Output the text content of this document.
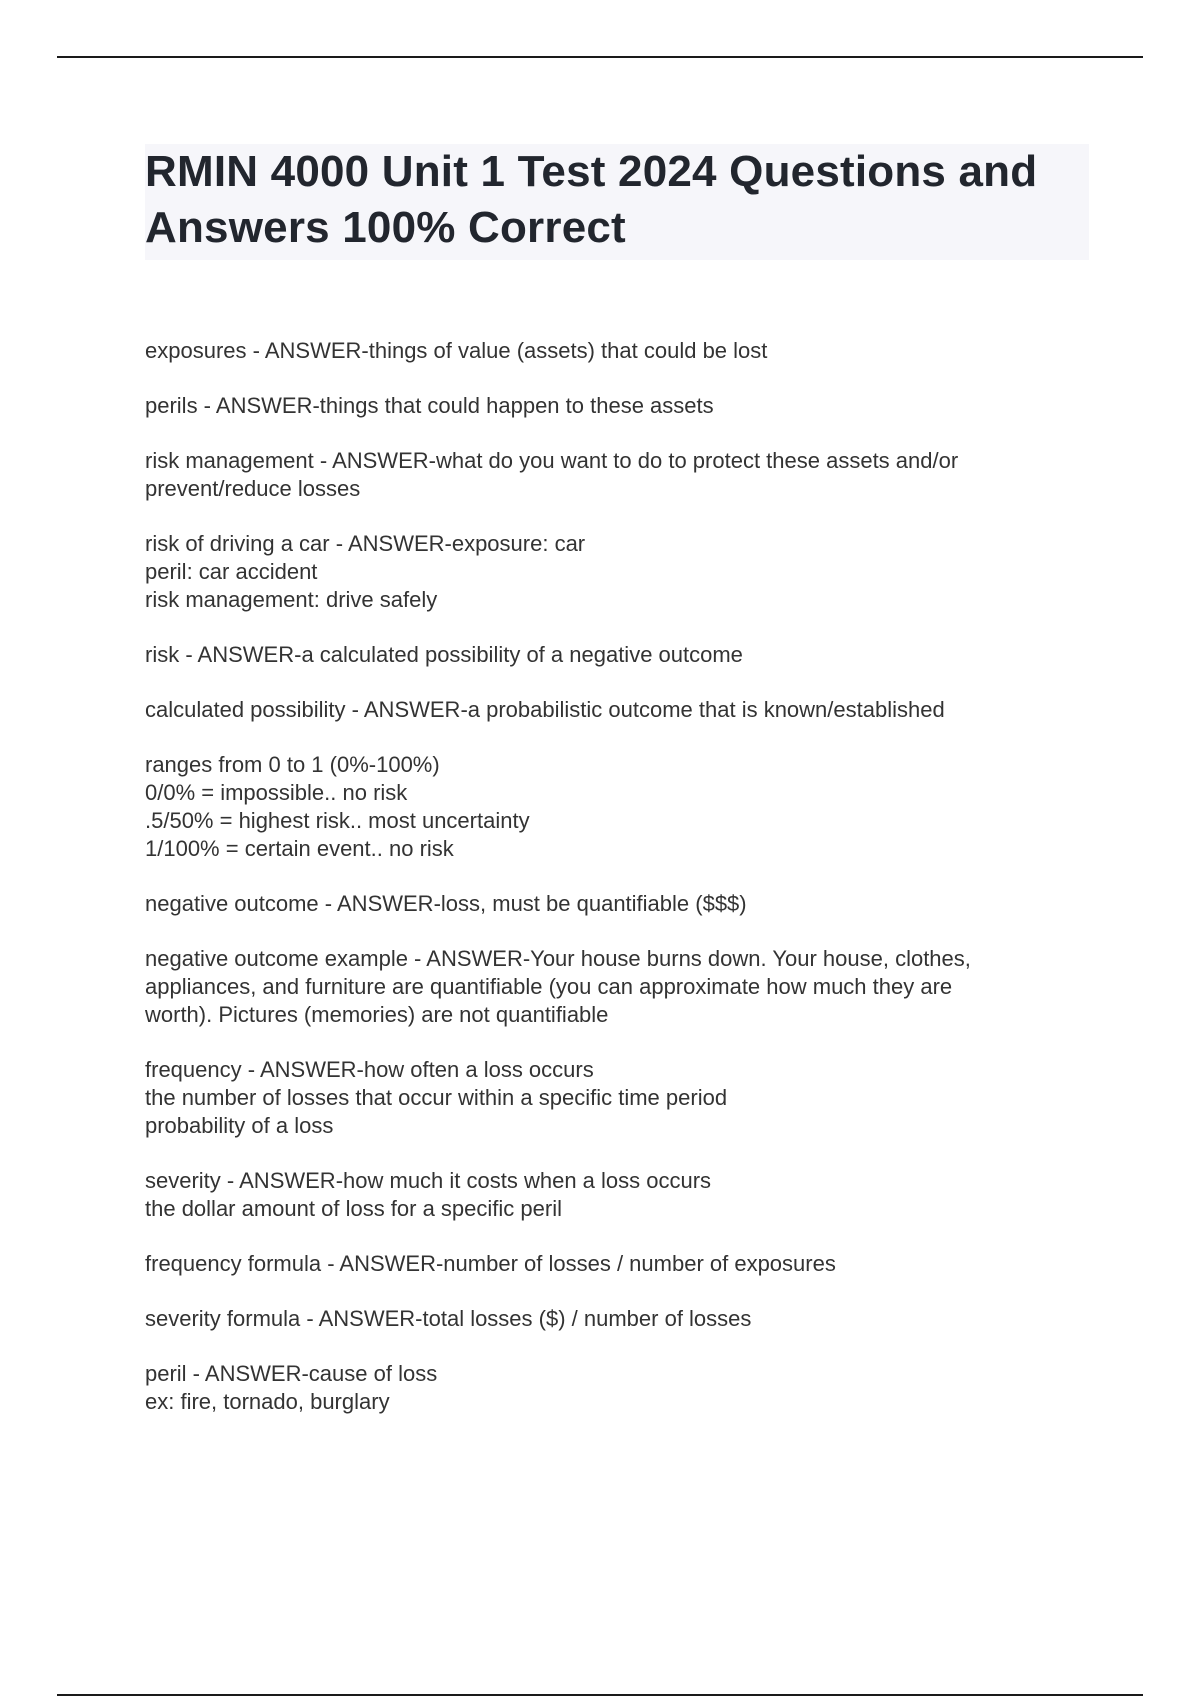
RMIN 4000 Unit 1 Test 2024 Questions and Answers 100% Correct
exposures - ANSWER-things of value (assets) that could be lost
perils - ANSWER-things that could happen to these assets
risk management - ANSWER-what do you want to do to protect these assets and/or
prevent/reduce losses
risk of driving a car - ANSWER-exposure: car
peril: car accident
risk management: drive safely
risk - ANSWER-a calculated possibility of a negative outcome
calculated possibility - ANSWER-a probabilistic outcome that is known/established
ranges from 0 to 1 (0%-100%)
0/0% = impossible.. no risk
.5/50% = highest risk.. most uncertainty
1/100% = certain event.. no risk
negative outcome - ANSWER-loss, must be quantifiable ($$$)
negative outcome example - ANSWER-Your house burns down. Your house, clothes,
appliances, and furniture are quantifiable (you can approximate how much they are
worth). Pictures (memories) are not quantifiable
frequency - ANSWER-how often a loss occurs
the number of losses that occur within a specific time period
probability of a loss
severity - ANSWER-how much it costs when a loss occurs
the dollar amount of loss for a specific peril
frequency formula - ANSWER-number of losses / number of exposures
severity formula - ANSWER-total losses ($) / number of losses
peril - ANSWER-cause of loss
ex: fire, tornado, burglary
